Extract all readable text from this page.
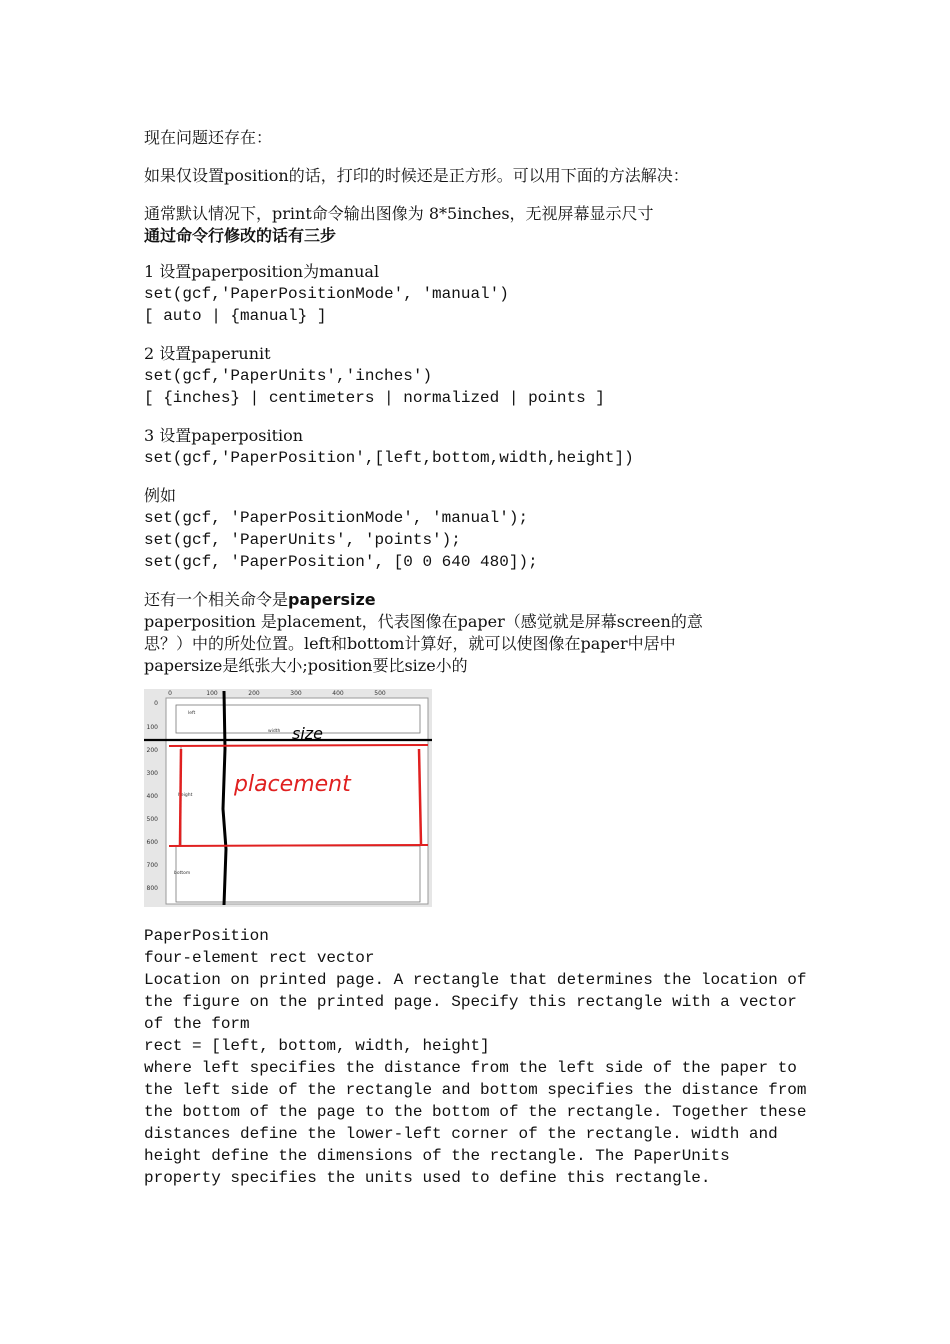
现在问题还存在：

如果仅设置position的话，打印的时候还是正方形。可以用下面的方法解决：

通常默认情况下，print命令输出图像为 8*5inches，无视屏幕显示尺寸

通过命令行修改的话有三步

1 设置paperposition为manual

set(gcf,'PaperPositionMode', 'manual')

[ auto | {manual} ]

2 设置paperunit

set(gcf,'PaperUnits','inches')

[ {inches} | centimeters | normalized | points ]

3 设置paperposition

set(gcf,'PaperPosition',[left,bottom,width,height])

例如

set(gcf, 'PaperPositionMode', 'manual');

set(gcf, 'PaperUnits', 'points');

set(gcf, 'PaperPosition', [0 0 640 480]);

还有一个相关命令是papersize

paperposition 是placement，代表图像在paper（感觉就是屏幕screen的意

思？）中的所处位置。left和bottom计算好，就可以使图像在paper中居中

papersize是纸张大小;position要比size小的

0	100	200	300	400	500
0
100
200
300
400
500
600
700
800
left
width
height
bottom
size
placement

PaperPosition

four-element rect vector

Location on printed page. A rectangle that determines the location of

the figure on the printed page. Specify this rectangle with a vector

of the form

rect = [left, bottom, width, height]

where left specifies the distance from the left side of the paper to

the left side of the rectangle and bottom specifies the distance from

the bottom of the page to the bottom of the rectangle. Together these

distances define the lower-left corner of the rectangle. width and

height define the dimensions of the rectangle. The PaperUnits

property specifies the units used to define this rectangle.
